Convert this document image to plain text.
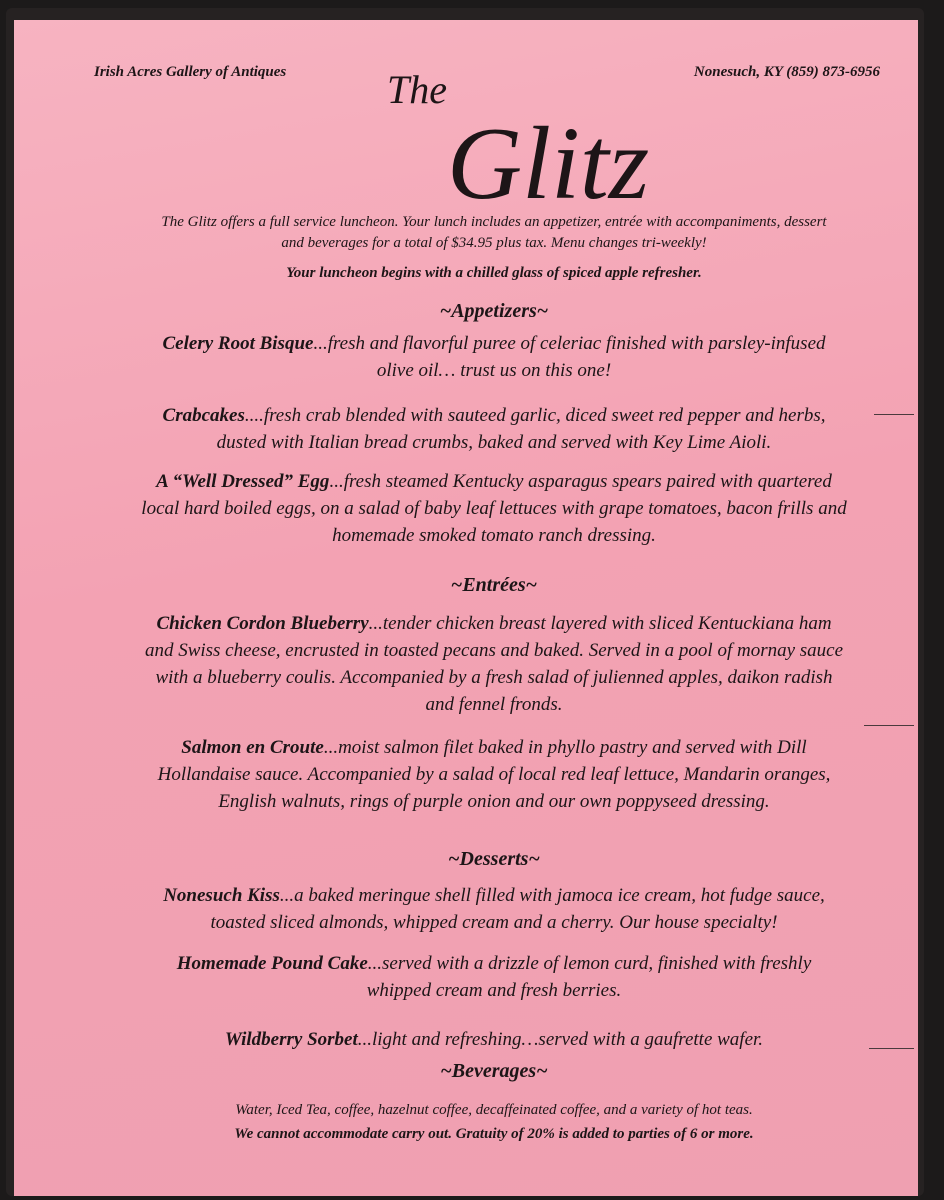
Irish Acres Gallery of Antiques	Nonesuch, KY (859) 873-6956
The
Glitz
The Glitz offers a full service luncheon. Your lunch includes an appetizer, entrée with accompaniments, dessert
and beverages for a total of $34.95 plus tax. Menu changes tri-weekly!
Your luncheon begins with a chilled glass of spiced apple refresher.
~Appetizers~
Celery Root Bisque...fresh and flavorful puree of celeriac finished with parsley-infused
olive oil… trust us on this one!
Crabcakes....fresh crab blended with sauteed garlic, diced sweet red pepper and herbs,
dusted with Italian bread crumbs, baked and served with Key Lime Aioli.
A “Well Dressed” Egg...fresh steamed Kentucky asparagus spears paired with quartered
local hard boiled eggs, on a salad of baby leaf lettuces with grape tomatoes, bacon frills and
homemade smoked tomato ranch dressing.
~Entrées~
Chicken Cordon Blueberry...tender chicken breast layered with sliced Kentuckiana ham
and Swiss cheese, encrusted in toasted pecans and baked. Served in a pool of mornay sauce
with a blueberry coulis. Accompanied by a fresh salad of julienned apples, daikon radish
and fennel fronds.
Salmon en Croute...moist salmon filet baked in phyllo pastry and served with Dill
Hollandaise sauce. Accompanied by a salad of local red leaf lettuce, Mandarin oranges,
English walnuts, rings of purple onion and our own poppyseed dressing.
~Desserts~
Nonesuch Kiss...a baked meringue shell filled with jamoca ice cream, hot fudge sauce,
toasted sliced almonds, whipped cream and a cherry. Our house specialty!
Homemade Pound Cake...served with a drizzle of lemon curd, finished with freshly
whipped cream and fresh berries.
Wildberry Sorbet...light and refreshing…served with a gaufrette wafer.
~Beverages~
Water, Iced Tea, coffee, hazelnut coffee, decaffeinated coffee, and a variety of hot teas.
We cannot accommodate carry out. Gratuity of 20% is added to parties of 6 or more.
